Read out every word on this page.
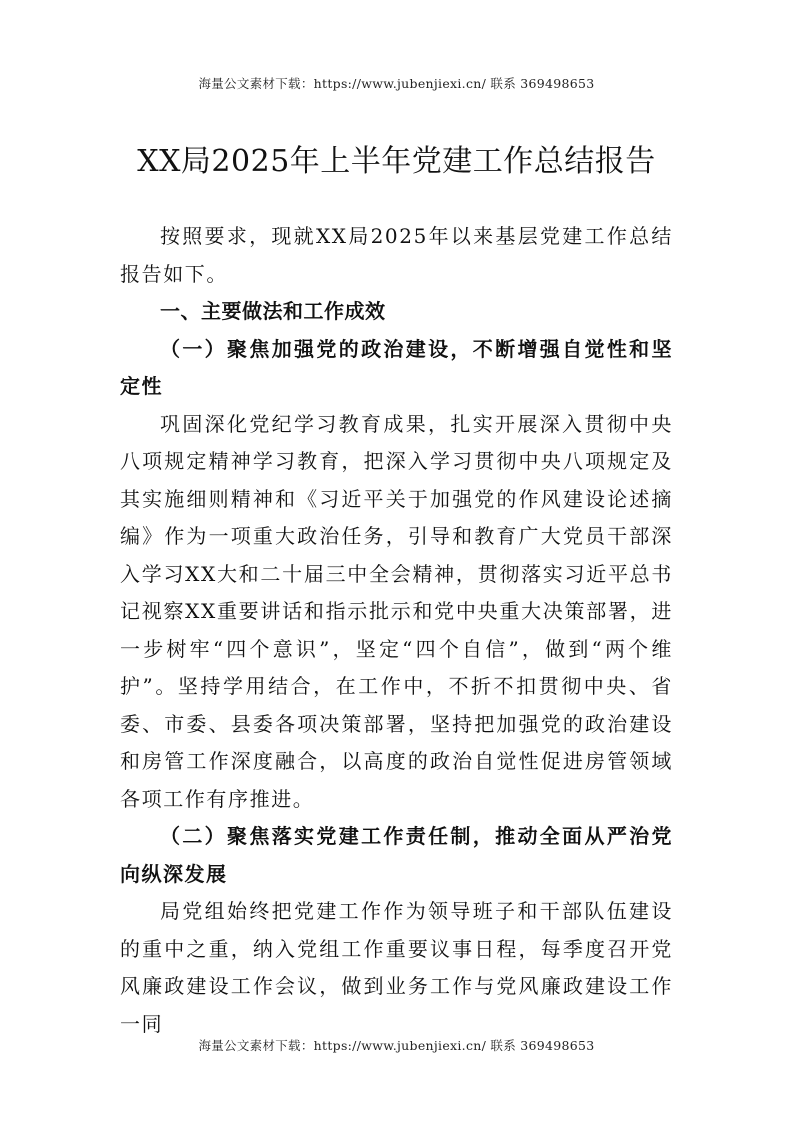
海量公文素材下载：https://www.jubenjiexi.cn/ 联系 369498653
XX局2025年上半年党建工作总结报告

按照要求，现就XX局2025年以来基层党建工作总结报告如下。

一、主要做法和工作成效

（一）聚焦加强党的政治建设，不断增强自觉性和坚定性

巩固深化党纪学习教育成果，扎实开展深入贯彻中央八项规定精神学习教育，把深入学习贯彻中央八项规定及其实施细则精神和《习近平关于加强党的作风建设论述摘编》作为一项重大政治任务，引导和教育广大党员干部深入学习XX大和二十届三中全会精神，贯彻落实习近平总书记视察XX重要讲话和指示批示和党中央重大决策部署，进一步树牢“四个意识”，坚定“四个自信”，做到“两个维护”。坚持学用结合，在工作中，不折不扣贯彻中央、省委、市委、县委各项决策部署，坚持把加强党的政治建设和房管工作深度融合，以高度的政治自觉性促进房管领域各项工作有序推进。

（二）聚焦落实党建工作责任制，推动全面从严治党向纵深发展

局党组始终把党建工作作为领导班子和干部队伍建设的重中之重，纳入党组工作重要议事日程，每季度召开党风廉政建设工作会议，做到业务工作与党风廉政建设工作一同

海量公文素材下载：https://www.jubenjiexi.cn/ 联系 369498653
